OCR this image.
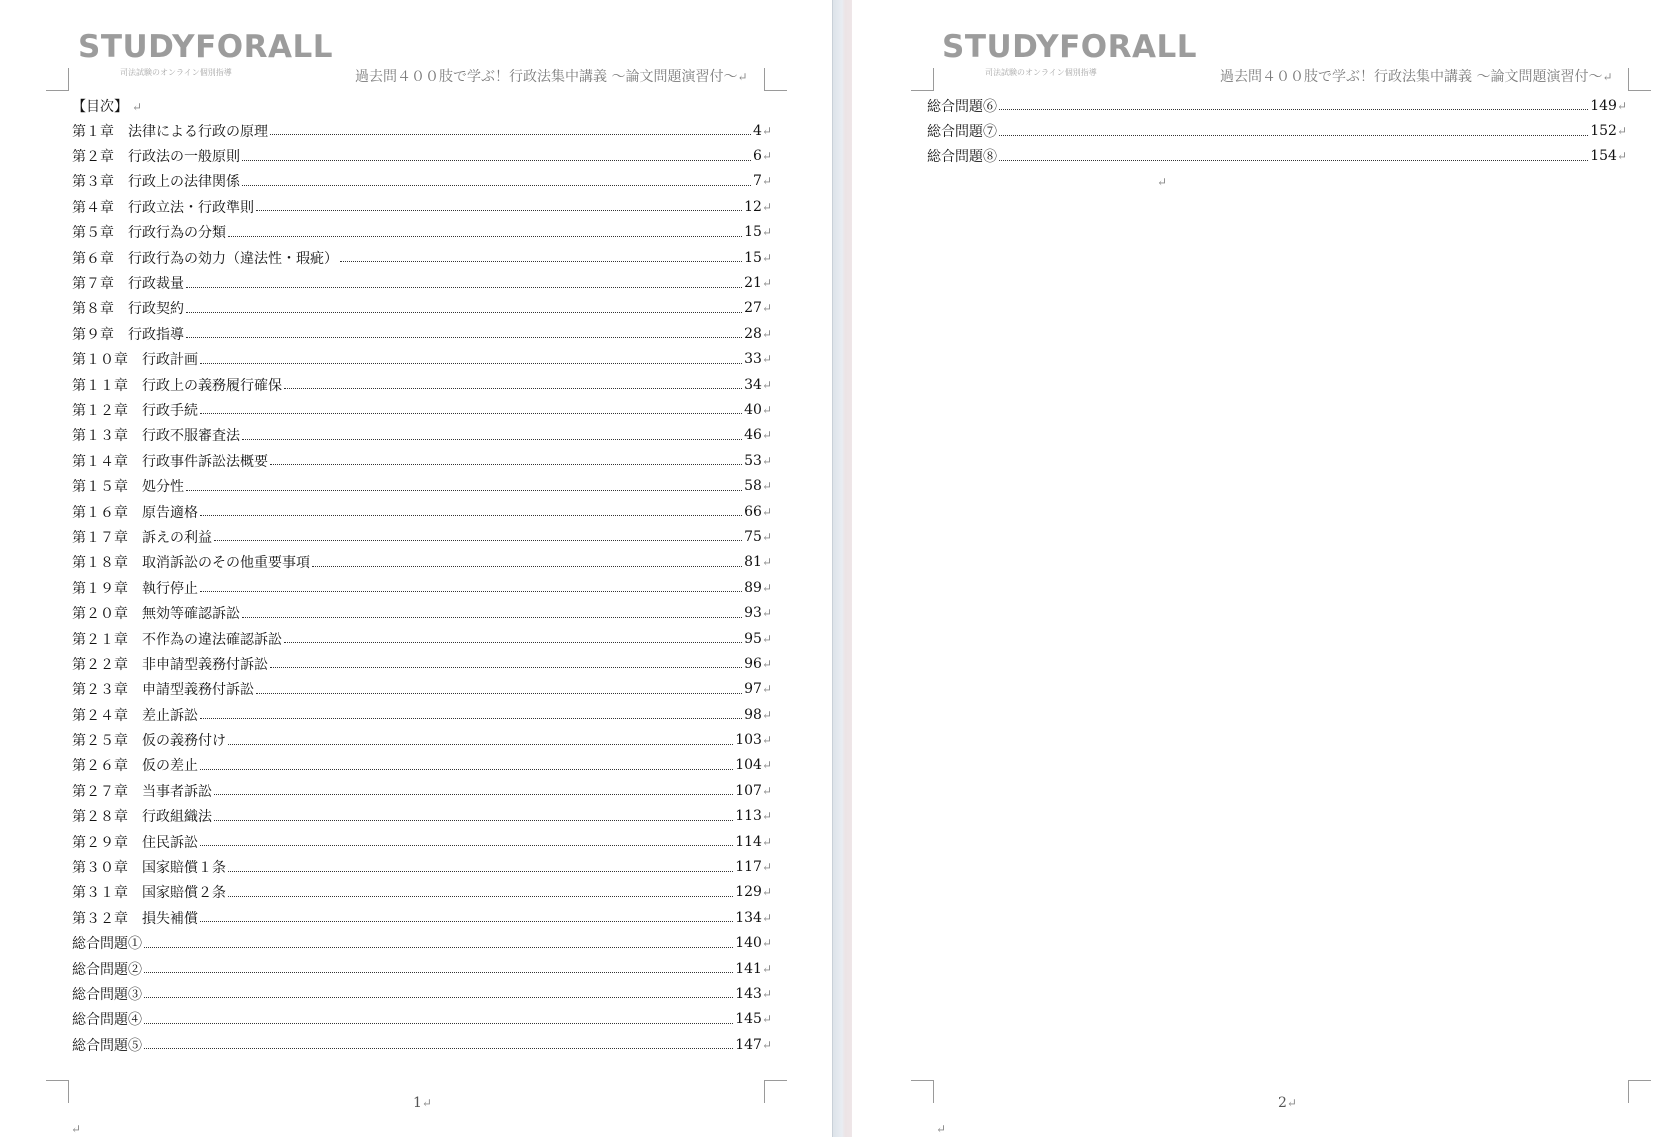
STUDYFORALL
司法試験のオンライン個別指導	過去問４００肢で学ぶ！行政法集中講義 ～論文問題演習付～↵
【目次】 ↵
第１章　法律による行政の原理	4 ↵
第２章　行政法の一般原則	6 ↵
第３章　行政上の法律関係	7 ↵
第４章　行政立法・行政準則	12 ↵
第５章　行政行為の分類	15 ↵
第６章　行政行為の効力（違法性・瑕疵）	15 ↵
第７章　行政裁量	21 ↵
第８章　行政契約	27 ↵
第９章　行政指導	28 ↵
第１０章　行政計画	33 ↵
第１１章　行政上の義務履行確保	34 ↵
第１２章　行政手続	40 ↵
第１３章　行政不服審査法	46 ↵
第１４章　行政事件訴訟法概要	53 ↵
第１５章　処分性	58 ↵
第１６章　原告適格	66 ↵
第１７章　訴えの利益	75 ↵
第１８章　取消訴訟のその他重要事項	81 ↵
第１９章　執行停止	89 ↵
第２０章　無効等確認訴訟	93 ↵
第２１章　不作為の違法確認訴訟	95 ↵
第２２章　非申請型義務付訴訟	96 ↵
第２３章　申請型義務付訴訟	97 ↵
第２４章　差止訴訟	98 ↵
第２５章　仮の義務付け	103 ↵
第２６章　仮の差止	104 ↵
第２７章　当事者訴訟	107 ↵
第２８章　行政組織法	113 ↵
第２９章　住民訴訟	114 ↵
第３０章　国家賠償１条	117 ↵
第３１章　国家賠償２条	129 ↵
第３２章　損失補償	134 ↵
総合問題①	140 ↵
総合問題②	141 ↵
総合問題③	143 ↵
総合問題④	145 ↵
総合問題⑤	147 ↵
1↵
↵
STUDYFORALL
司法試験のオンライン個別指導	過去問４００肢で学ぶ！行政法集中講義 ～論文問題演習付～↵
総合問題⑥	149 ↵
総合問題⑦	152 ↵
総合問題⑧	154 ↵
↵
2↵
↵
